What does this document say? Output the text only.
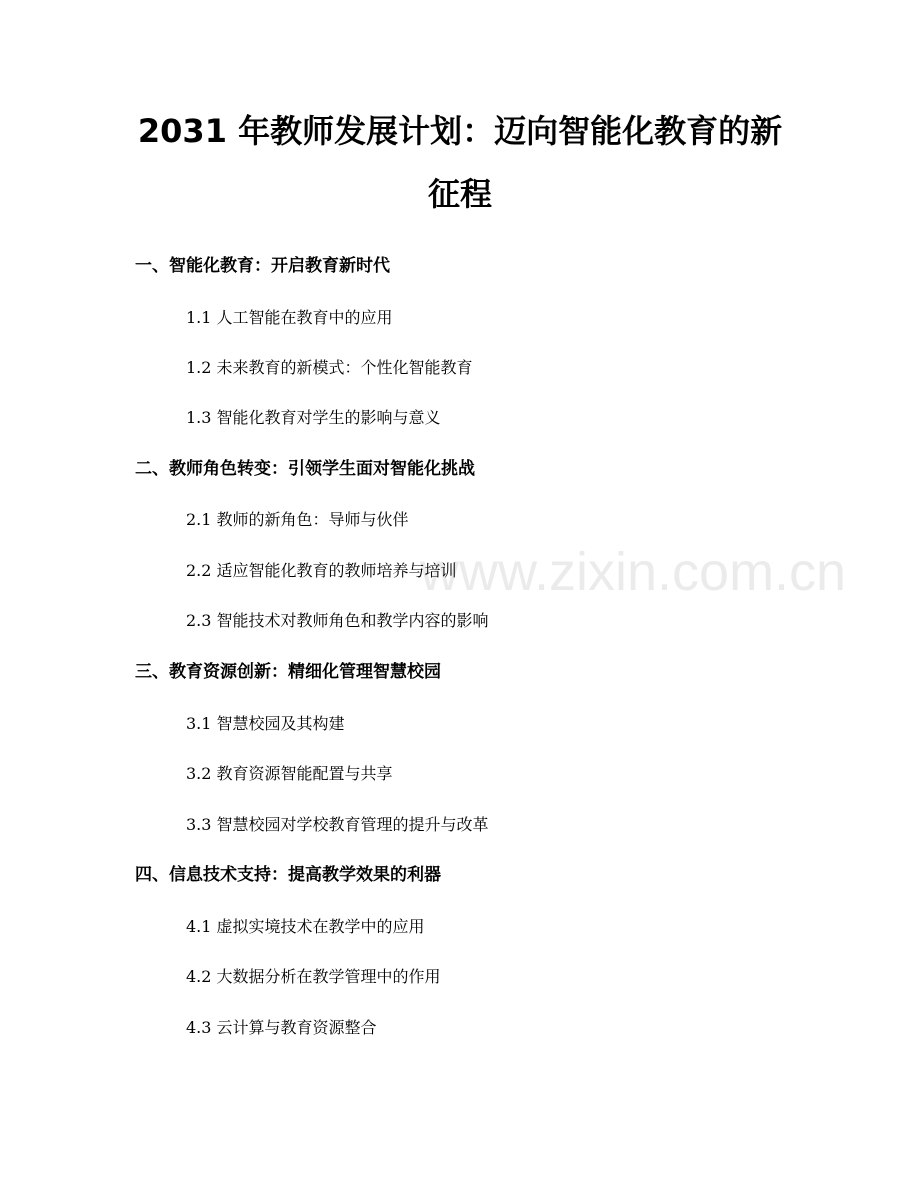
www.zixin.com.cn
2031 年教师发展计划：迈向智能化教育的新
征程
一、智能化教育：开启教育新时代
1.1 人工智能在教育中的应用
1.2 未来教育的新模式：个性化智能教育
1.3 智能化教育对学生的影响与意义
二、教师角色转变：引领学生面对智能化挑战
2.1 教师的新角色：导师与伙伴
2.2 适应智能化教育的教师培养与培训
2.3 智能技术对教师角色和教学内容的影响
三、教育资源创新：精细化管理智慧校园
3.1 智慧校园及其构建
3.2 教育资源智能配置与共享
3.3 智慧校园对学校教育管理的提升与改革
四、信息技术支持：提高教学效果的利器
4.1 虚拟实境技术在教学中的应用
4.2 大数据分析在教学管理中的作用
4.3 云计算与教育资源整合
